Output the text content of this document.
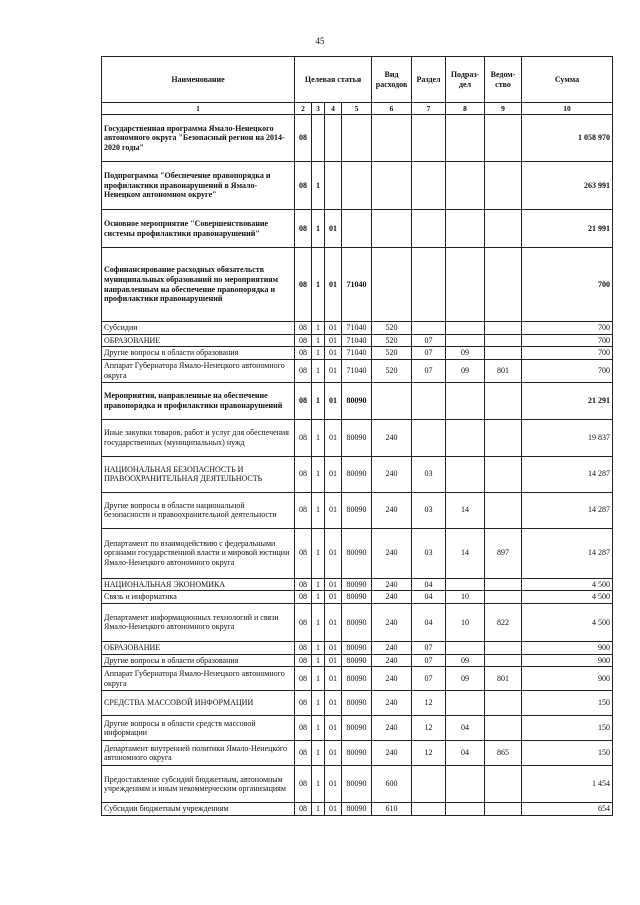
45
Наименование	Целевая статья				Вид расходов	Раздел	Подраз- дел	Ведом- ство	Сумма
1	2	3	4	5	6	7	8	9	10
Государственная программа Ямало-Ненецкого автономного округа "Безопасный регион на 2014-2020 годы"	08								1 058 970
Подпрограмма "Обеспечение правопорядка и профилактики правонарушений в Ямало-Ненецком автономном округе"	08	1							263 991
Основное мероприятие "Совершенствование системы профилактики правонарушений"	08	1	01						21 991
Софинансирование расходных обязательств муниципальных образований по мероприятиям направленным на обеспечение правопорядка и профилактики правонарушений	08	1	01	71040					700
Субсидии	08	1	01	71040	520				700
ОБРАЗОВАНИЕ	08	1	01	71040	520	07			700
Другие вопросы в области образования	08	1	01	71040	520	07	09		700
Аппарат Губернатора Ямало-Ненецкого автономного округа	08	1	01	71040	520	07	09	801	700
Мероприятия, направленные на обеспечение правопорядка и профилактики правонарушений	08	1	01	80090					21 291
Иные закупки товаров, работ и услуг для обеспечения государственных (муниципальных) нужд	08	1	01	80090	240				19 837
НАЦИОНАЛЬНАЯ БЕЗОПАСНОСТЬ И ПРАВООХРАНИТЕЛЬНАЯ ДЕЯТЕЛЬНОСТЬ	08	1	01	80090	240	03			14 287
Другие вопросы в области национальной безопасности и правоохранительной деятельности	08	1	01	80090	240	03	14		14 287
Департамент по взаимодействию с федеральными органами государственной власти и мировой юстиции Ямало-Ненецкого автономного округа	08	1	01	80090	240	03	14	897	14 287
НАЦИОНАЛЬНАЯ ЭКОНОМИКА	08	1	01	80090	240	04			4 500
Связь и информатика	08	1	01	80090	240	04	10		4 500
Департамент информационных технологий и связи Ямало-Ненецкого автономного округа	08	1	01	80090	240	04	10	822	4 500
ОБРАЗОВАНИЕ	08	1	01	80090	240	07			900
Другие вопросы в области образования	08	1	01	80090	240	07	09		900
Аппарат Губернатора Ямало-Ненецкого автономного округа	08	1	01	80090	240	07	09	801	900
СРЕДСТВА МАССОВОЙ ИНФОРМАЦИИ	08	1	01	80090	240	12			150
Другие вопросы в области средств массовой информации	08	1	01	80090	240	12	04		150
Департамент внутренней политики Ямало-Ненецкого автономного округа	08	1	01	80090	240	12	04	865	150
Предоставление субсидий бюджетным, автономным учреждениям и иным некоммерческим организациям	08	1	01	80090	600				1 454
Субсидии бюджетным учреждениям	08	1	01	80090	610				654
